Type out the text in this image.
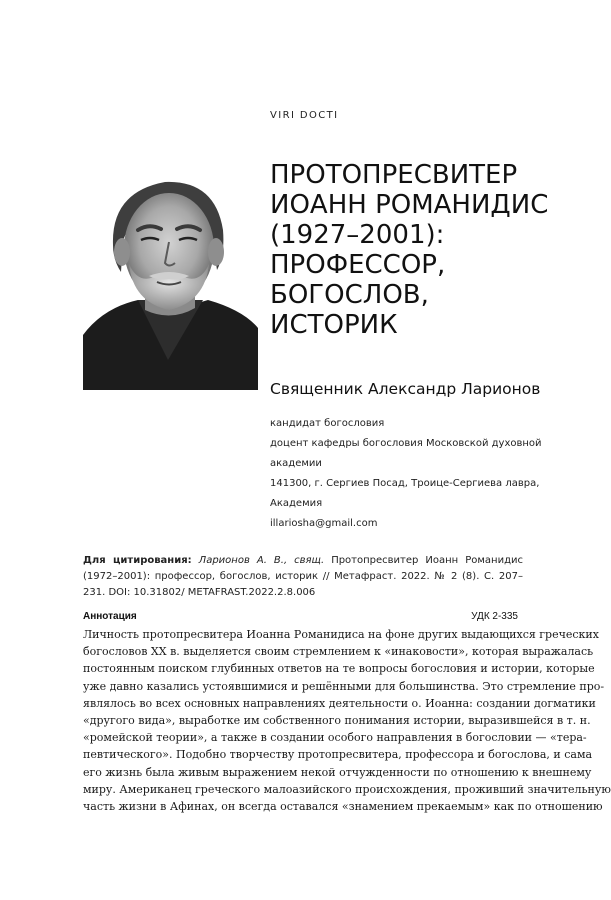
VIRI DOCTI
ПРОТОПРЕСВИТЕР
ИОАНН РОМАНИДИС
(1927–2001):
ПРОФЕССОР,
БОГОСЛОВ,
ИСТОРИК
Священник Александр Ларионов
кандидат богословия
доцент кафедры богословия Московской духовной
академии
141300, г. Сергиев Посад, Троице-Сергиева лавра,
Академия
illariosha@gmail.com
Для цитирования: Ларионов А. В., свящ. Протопресвитер Иоанн Романидис (1972–2001): профессор, богослов, историк // Метафраст. 2022. № 2 (8). С. 207–231. DOI: 10.31802/ METAFRAST.2022.2.8.006
Аннотация	УДК 2-335
Личность протопресвитера Иоанна Романидиса на фоне других выдающихся греческих
богословов XX в. выделяется своим стремлением к «инаковости», которая выражалась
постоянным поиском глубинных ответов на те вопросы богословия и истории, которые
уже давно казались устоявшимися и решёнными для большинства. Это стремление про-
являлось во всех основных направлениях деятельности о. Иоанна: создании догматики
«другого вида», выработке им собственного понимания истории, выразившейся в т. н.
«ромейской теории», а также в создании особого направления в богословии — «тера-
певтического». Подобно творчеству протопресвитера, профессора и богослова, и сама
его жизнь была живым выражением некой отчужденности по отношению к внешнему
миру. Американец греческого малоазийского происхождения, проживший значительную
часть жизни в Афинах, он всегда оставался «знамением прекаемым» как по отношению
